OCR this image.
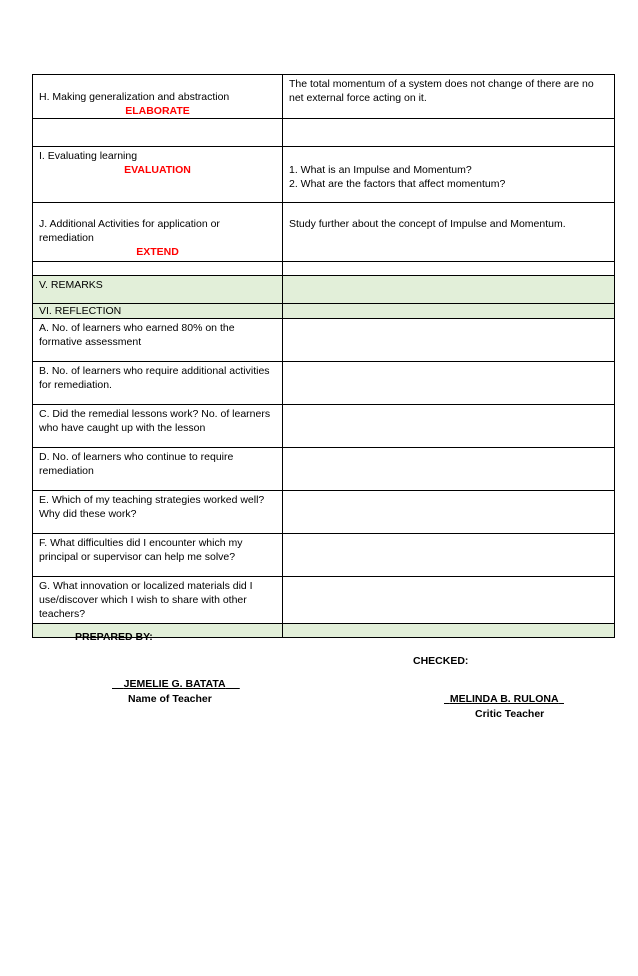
H. Making generalization and abstraction
ELABORATE	The total momentum of a system does not change of there are no net external force acting on it.

I. Evaluating learning
EVALUATION	1. What is an Impulse and Momentum?
2. What are the factors that affect momentum?

J. Additional Activities for application or remediation
EXTEND	Study further about the concept of Impulse and Momentum.

V. REMARKS	
VI. REFLECTION	
A. No. of learners who earned 80% on the formative assessment	
B. No. of learners who require additional activities for remediation.	
C. Did the remedial lessons work? No. of learners who have caught up with the lesson	
D. No. of learners who continue to require remediation	
E. Which of my teaching strategies worked well? Why did these work?	
F. What difficulties did I encounter which my principal or supervisor can help me solve?	
G. What innovation or localized materials did I use/discover which I wish to share with other teachers?	

PREPARED BY:
CHECKED:
JEMELIE G. BATATA
Name of Teacher	MELINDA B. RULONA
Critic Teacher
